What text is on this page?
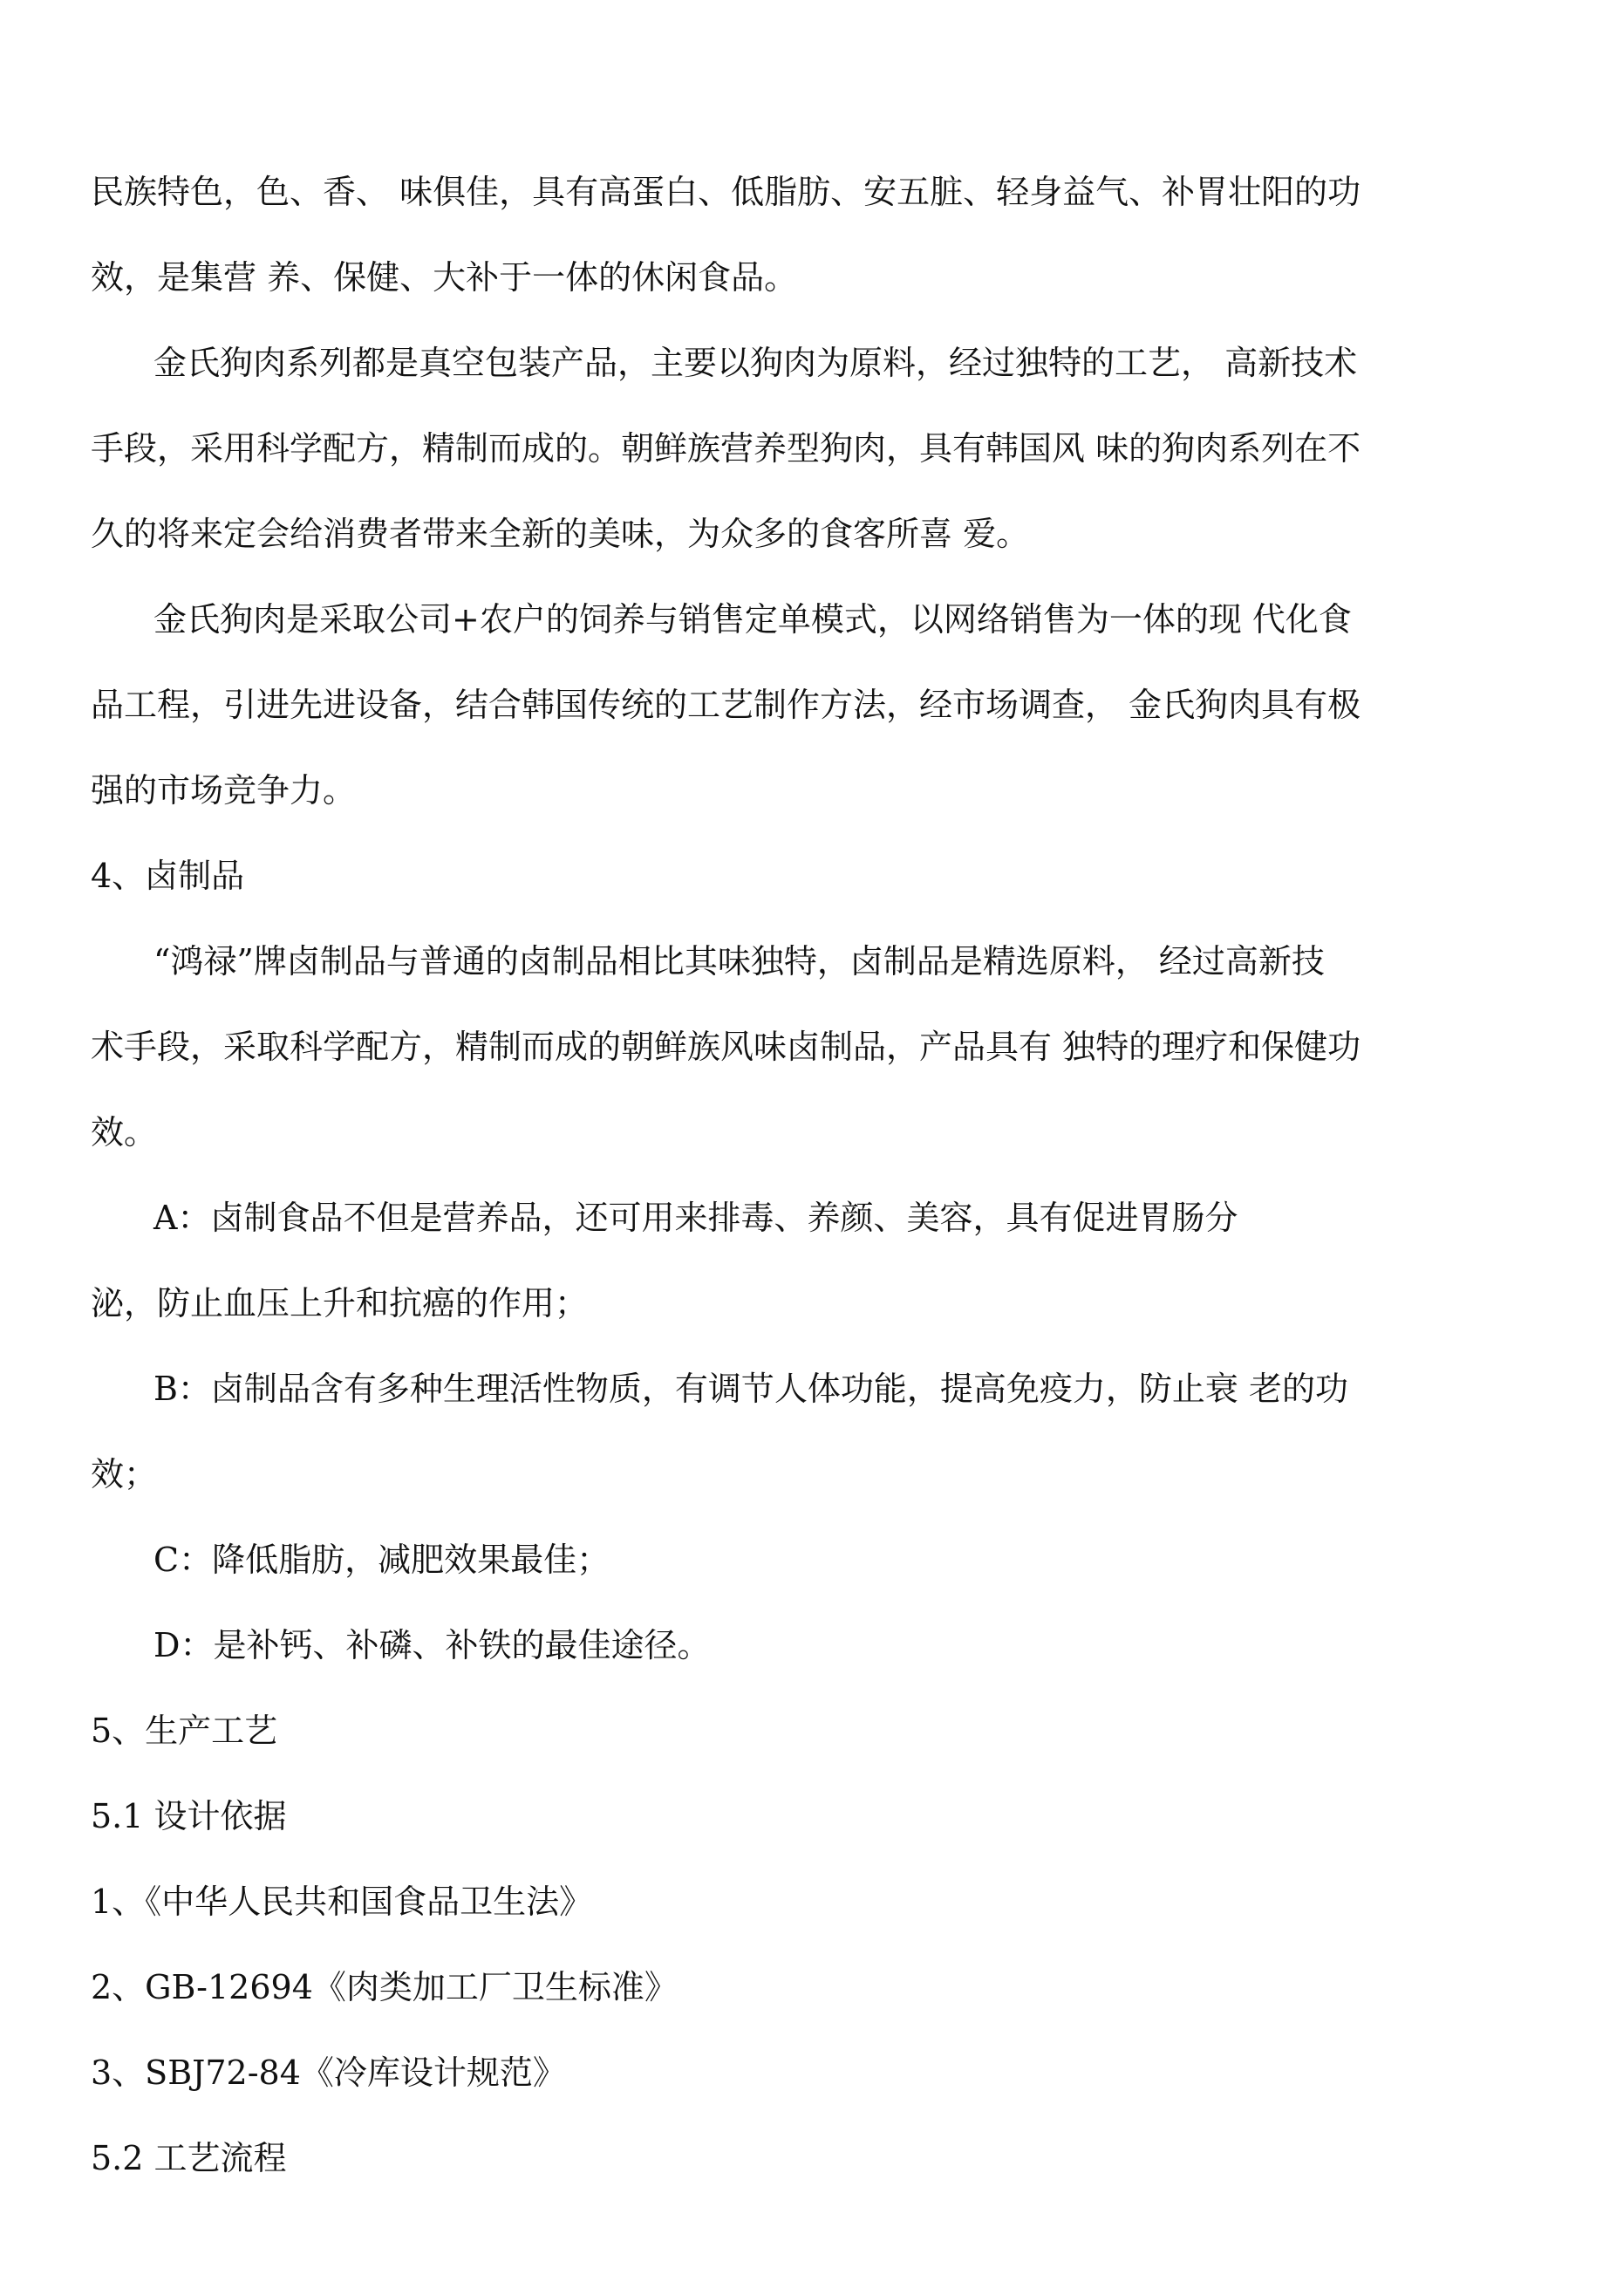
民族特色，色、香、 味俱佳，具有高蛋白、低脂肪、安五脏、轻身益气、补胃壮阳的功
效，是集营 养、保健、大补于一体的休闲食品。
金氏狗肉系列都是真空包装产品，主要以狗肉为原料，经过独特的工艺， 高新技术
手段，采用科学配方，精制而成的。朝鲜族营养型狗肉，具有韩国风 味的狗肉系列在不
久的将来定会给消费者带来全新的美味，为众多的食客所喜 爱。
金氏狗肉是采取公司+农户的饲养与销售定单模式，以网络销售为一体的现 代化食
品工程，引进先进设备，结合韩国传统的工艺制作方法，经市场调查， 金氏狗肉具有极
强的市场竞争力。
4、卤制品
“鸿禄”牌卤制品与普通的卤制品相比其味独特，卤制品是精选原料， 经过高新技
术手段，采取科学配方，精制而成的朝鲜族风味卤制品，产品具有 独特的理疗和保健功
效。
A：卤制食品不但是营养品，还可用来排毒、养颜、美容，具有促进胃肠分
泌，防止血压上升和抗癌的作用；
B：卤制品含有多种生理活性物质，有调节人体功能，提高免疫力，防止衰 老的功
效；
C：降低脂肪，减肥效果最佳；
D：是补钙、补磷、补铁的最佳途径。
5、生产工艺
5.1 设计依据
1、《中华人民共和国食品卫生法》
2、GB-12694《肉类加工厂卫生标准》
3、SBJ72-84《冷库设计规范》
5.2 工艺流程
